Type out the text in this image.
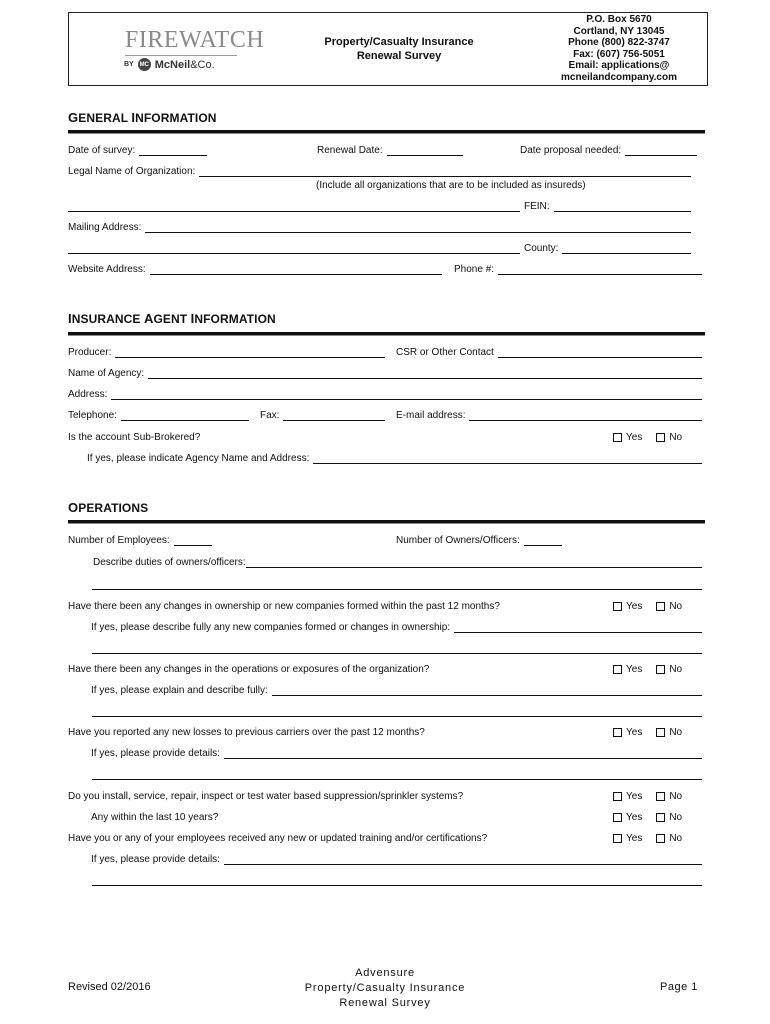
FIREWATCH
BY MC McNeil&Co.
Property/Casualty Insurance
Renewal Survey
P.O. Box 5670
Cortland, NY 13045
Phone (800) 822-3747
Fax: (607) 756-5051
Email: applications@
mcneilandcompany.com
GENERAL INFORMATION
Date of survey:	Renewal Date:	Date proposal needed:
Legal Name of Organization:
(Include all organizations that are to be included as insureds)
FEIN:
Mailing Address:
County:
Website Address:	Phone #:
INSURANCE AGENT INFORMATION
Producer:	CSR or Other Contact
Name of Agency:
Address:
Telephone:	Fax:	E-mail address:
Is the account Sub-Brokered?	Yes	No
If yes, please indicate Agency Name and Address:
OPERATIONS
Number of Employees:	Number of Owners/Officers:
Describe duties of owners/officers:
Have there been any changes in ownership or new companies formed within the past 12 months?	Yes	No
If yes, please describe fully any new companies formed or changes in ownership:
Have there been any changes in the operations or exposures of the organization?	Yes	No
If yes, please explain and describe fully:
Have you reported any new losses to previous carriers over the past 12 months?	Yes	No
If yes, please provide details:
Do you install, service, repair, inspect or test water based suppression/sprinkler systems?	Yes	No
Any within the last 10 years?	Yes	No
Have you or any of your employees received any new or updated training and/or certifications?	Yes	No
If yes, please provide details:
Revised 02/2016
Advensure
Property/Casualty Insurance
Renewal Survey
Page 1
